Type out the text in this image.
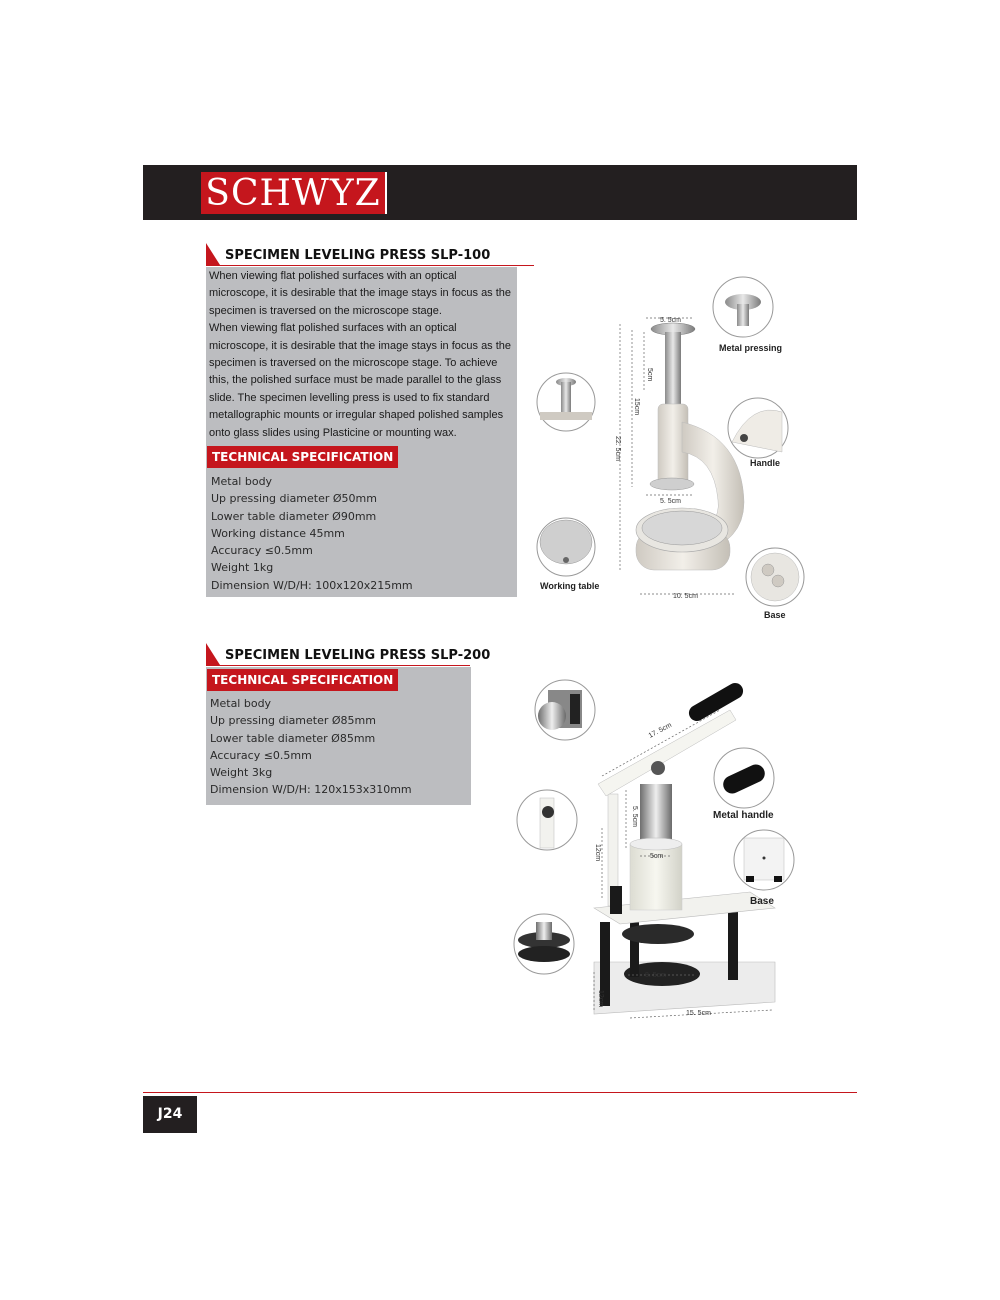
SCHWYZ
SPECIMEN LEVELING PRESS SLP-100
When viewing flat polished surfaces with an optical
microscope, it is desirable that the image stays in focus as the
specimen is traversed on the microscope stage.
When viewing flat polished surfaces with an optical
microscope, it is desirable that the image stays in focus as the
specimen is traversed on the microscope stage. To achieve
this, the polished surface must be made parallel to the glass
slide. The specimen levelling press is used to fix standard
metallographic mounts or irregular shaped polished samples
onto glass slides using Plasticine or mounting wax.
TECHNICAL SPECIFICATION
Metal body
Up pressing diameter Ø50mm
Lower table diameter Ø90mm
Working distance 45mm
Accuracy ≤0.5mm
Weight 1kg
Dimension W/D/H: 100x120x215mm
5. 5cm
5cm
15cm
22. 5cm
5. 5cm
10. 5cm
Metal pressing
Handle
Working table
Base
SPECIMEN LEVELING PRESS SLP-200
TECHNICAL SPECIFICATION
Metal body
Up pressing diameter Ø85mm
Lower table diameter Ø85mm
Accuracy ≤0.5mm
Weight 3kg
Dimension W/D/H: 120x153x310mm
17. 5cm
5. 5cm
5cm
12cm
8. 5cm
12cm
15. 5cm
Metal handle
Base
J24
